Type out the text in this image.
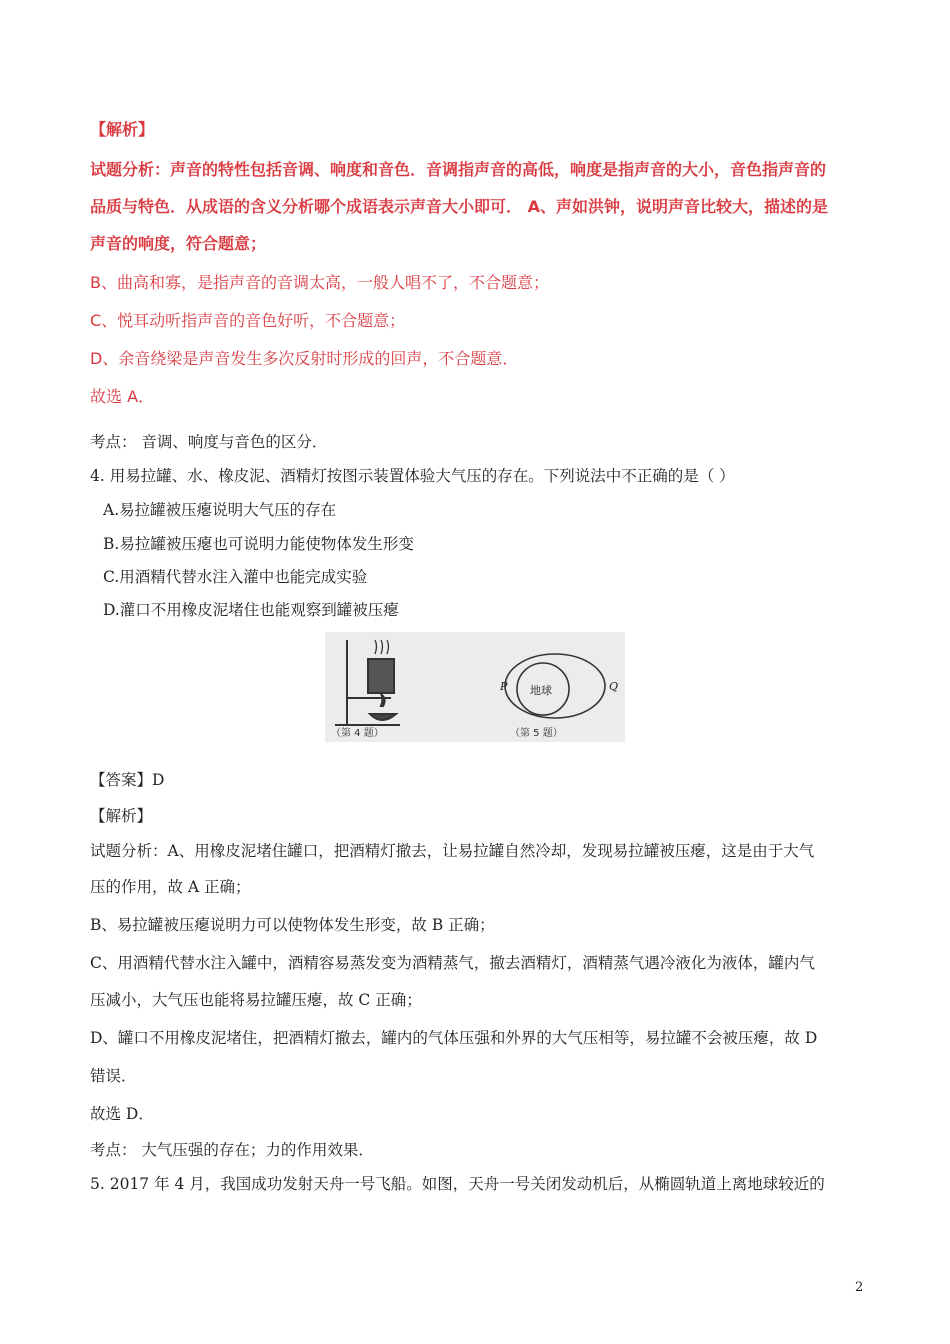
【解析】
试题分析：声音的特性包括音调、响度和音色．音调指声音的高低，响度是指声音的大小，音色指声音的
品质与特色．从成语的含义分析哪个成语表示声音大小即可． A、声如洪钟，说明声音比较大，描述的是
声音的响度，符合题意；
B、曲高和寡，是指声音的音调太高，一般人唱不了，不合题意；
C、悦耳动听指声音的音色好听，不合题意；
D、余音绕梁是声音发生多次反射时形成的回声，不合题意．
故选 A．
考点： 音调、响度与音色的区分．
4. 用易拉罐、水、橡皮泥、酒精灯按图示装置体验大气压的存在。下列说法中不正确的是（ ）
A.易拉罐被压瘪说明大气压的存在
B.易拉罐被压瘪也可说明力能使物体发生形变
C.用酒精代替水注入灌中也能完成实验
D.灌口不用橡皮泥堵住也能观察到罐被压瘪
（第 4 题）
地球
P	Q
（第 5 题）
【答案】D
【解析】
试题分析：A、用橡皮泥堵住罐口，把酒精灯撤去，让易拉罐自然冷却，发现易拉罐被压瘪，这是由于大气
压的作用，故 A 正确；
B、易拉罐被压瘪说明力可以使物体发生形变，故 B 正确；
C、用酒精代替水注入罐中，酒精容易蒸发变为酒精蒸气，撤去酒精灯，酒精蒸气遇冷液化为液体，罐内气
压减小，大气压也能将易拉罐压瘪，故 C 正确；
D、罐口不用橡皮泥堵住，把酒精灯撤去，罐内的气体压强和外界的大气压相等，易拉罐不会被压瘪，故 D
错误．
故选 D．
考点： 大气压强的存在；力的作用效果．
5. 2017 年 4 月，我国成功发射天舟一号飞船。如图，天舟一号关闭发动机后，从椭圆轨道上离地球较近的
2
